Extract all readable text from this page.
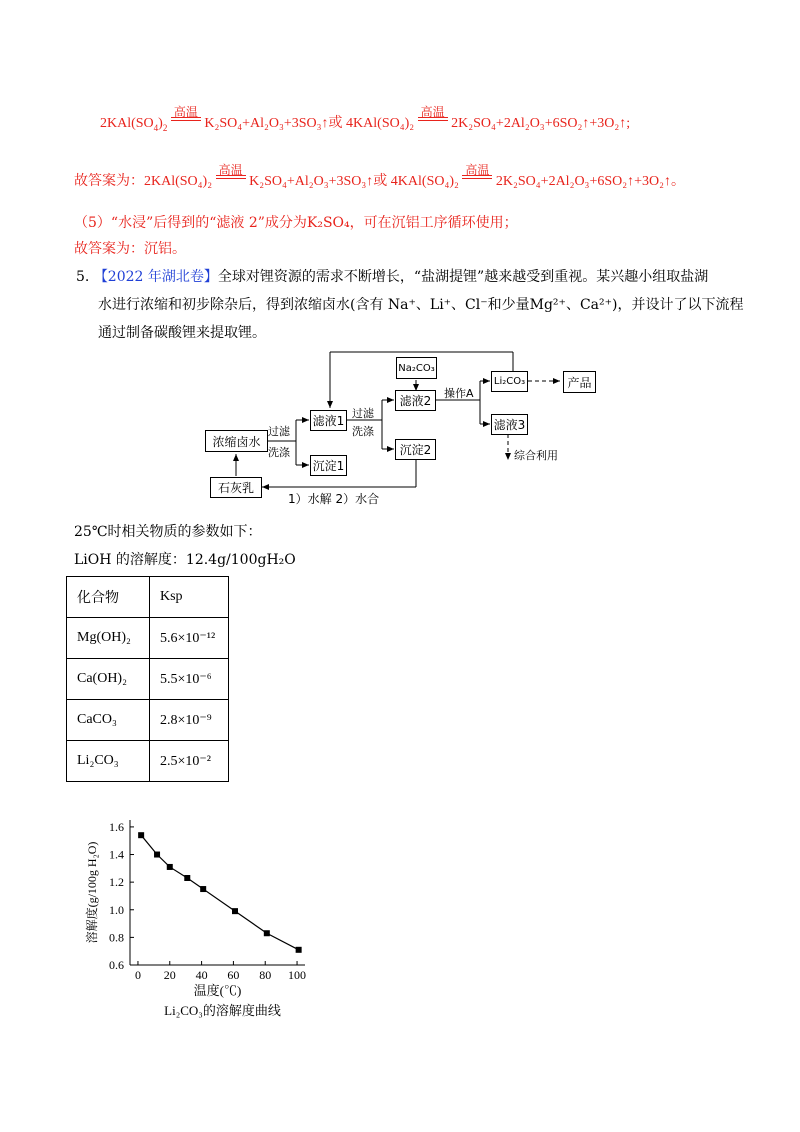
$2KAl(SO_4)_2$
高温
K₂SO₄+Al₂O₃+3SO₃↑或 4KAl(SO₄)₂
高温
2K₂SO₄+2Al₂O₃+6SO₂↑+3O₂↑;
故答案为：2KAl(SO₄)₂
高温
K₂SO₄+Al₂O₃+3SO₃↑或 4KAl(SO₄)₂
高温
2K₂SO₄+2Al₂O₃+6SO₂↑+3O₂↑。
（5）“水浸”后得到的“滤液 2”成分为K₂SO₄，可在沉铝工序循环使用；
故答案为：沉铝。
5. 【2022 年湖北卷】全球对锂资源的需求不断增长，“盐湖提锂”越来越受到重视。某兴趣小组取盐湖
水进行浓缩和初步除杂后，得到浓缩卤水(含有 Na⁺、Li⁺、Cl⁻和少量Mg²⁺、Ca²⁺)，并设计了以下流程
通过制备碳酸锂来提取锂。
浓缩卤水
石灰乳
滤液1
沉淀1
Na₂CO₃
滤液2
沉淀2
Li₂CO₃	产品
滤液3
过滤
洗涤
过滤
洗涤
操作A
综合利用
1）水解 2）水合
25℃时相关物质的参数如下：
LiOH 的溶解度：12.4g/100gH₂O
化合物	Ksp
Mg(OH)₂	5.6×10⁻¹²
Ca(OH)₂	5.5×10⁻⁶
CaCO₃	2.8×10⁻⁹
Li₂CO₃	2.5×10⁻²
0 20 40 60 80 100
0.6
0.8
1.0
1.2
1.4
1.6
温度(℃)
溶解度(g/100g H₂O)
Li₂CO₃的溶解度曲线
